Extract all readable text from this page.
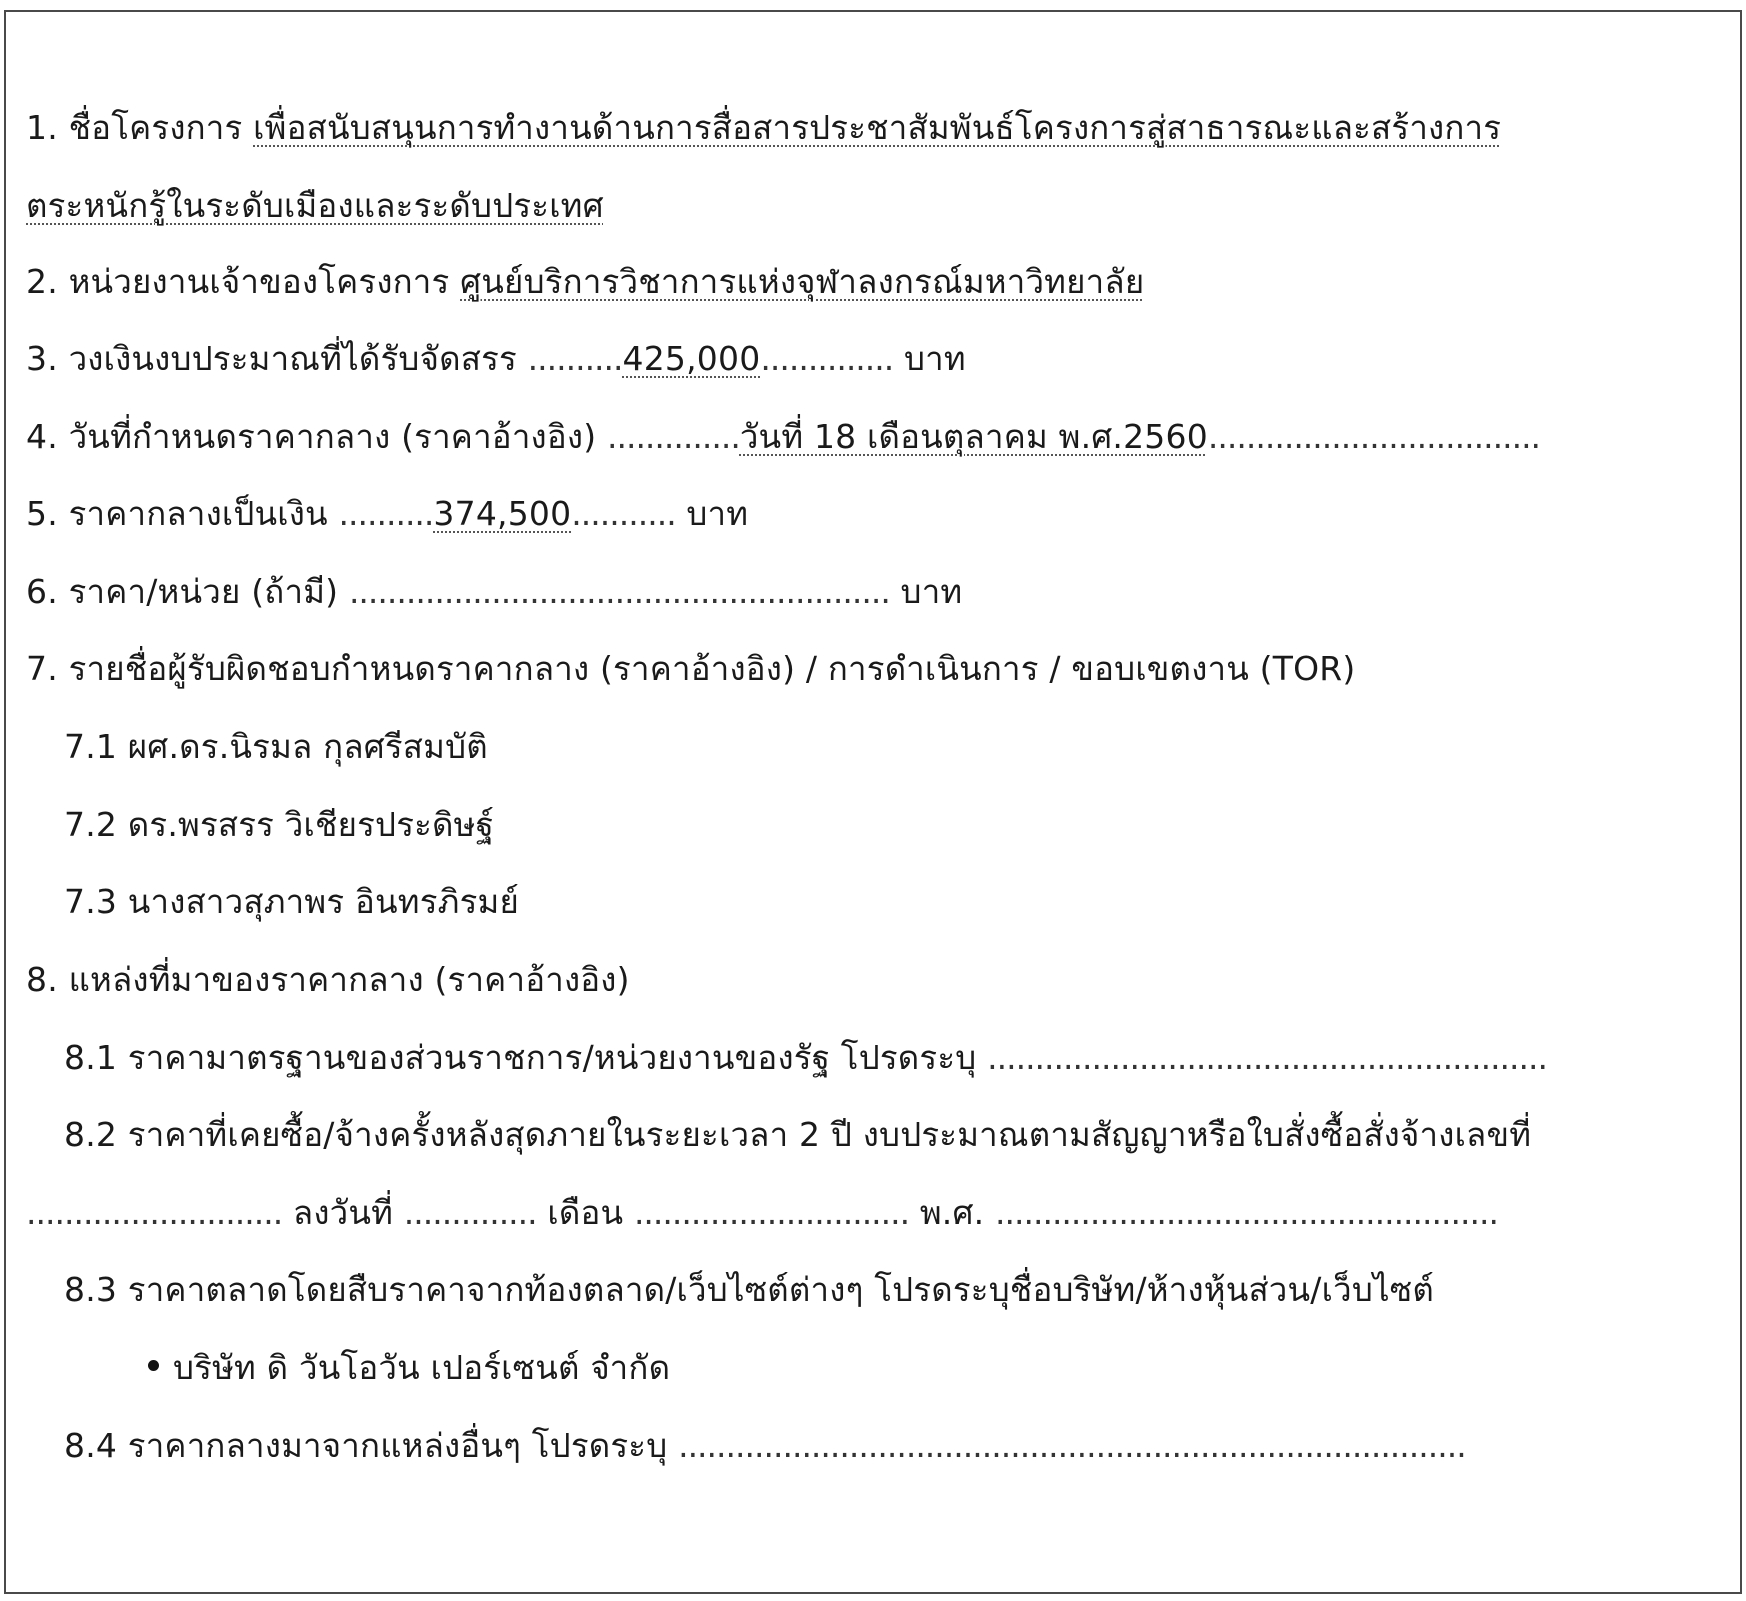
1. ชื่อโครงการ เพื่อสนับสนุนการทำงานด้านการสื่อสารประชาสัมพันธ์โครงการสู่สาธารณะและสร้างการ
ตระหนักรู้ในระดับเมืองและระดับประเทศ
2. หน่วยงานเจ้าของโครงการ ศูนย์บริการวิชาการแห่งจุฬาลงกรณ์มหาวิทยาลัย
3. วงเงินงบประมาณที่ได้รับจัดสรร ..........425,000.............. บาท
4. วันที่กำหนดราคากลาง (ราคาอ้างอิง) ..............วันที่ 18 เดือนตุลาคม พ.ศ.2560...................................
5. ราคากลางเป็นเงิน ..........374,500........... บาท
6. ราคา/หน่วย (ถ้ามี) ......................................................... บาท
7. รายชื่อผู้รับผิดชอบกำหนดราคากลาง (ราคาอ้างอิง) / การดำเนินการ / ขอบเขตงาน (TOR)
7.1 ผศ.ดร.นิรมล กุลศรีสมบัติ
7.2 ดร.พรสรร วิเชียรประดิษฐ์
7.3 นางสาวสุภาพร อินทรภิรมย์
8. แหล่งที่มาของราคากลาง (ราคาอ้างอิง)
8.1 ราคามาตรฐานของส่วนราชการ/หน่วยงานของรัฐ โปรดระบุ ...........................................................
8.2 ราคาที่เคยซื้อ/จ้างครั้งหลังสุดภายในระยะเวลา 2 ปี งบประมาณตามสัญญาหรือใบสั่งซื้อสั่งจ้างเลขที่
........................... ลงวันที่ .............. เดือน ............................. พ.ศ. .....................................................
8.3 ราคาตลาดโดยสืบราคาจากท้องตลาด/เว็บไซต์ต่างๆ โปรดระบุชื่อบริษัท/ห้างหุ้นส่วน/เว็บไซต์
บริษัท ดิ วันโอวัน เปอร์เซนต์ จำกัด
8.4 ราคากลางมาจากแหล่งอื่นๆ โปรดระบุ ...................................................................................
